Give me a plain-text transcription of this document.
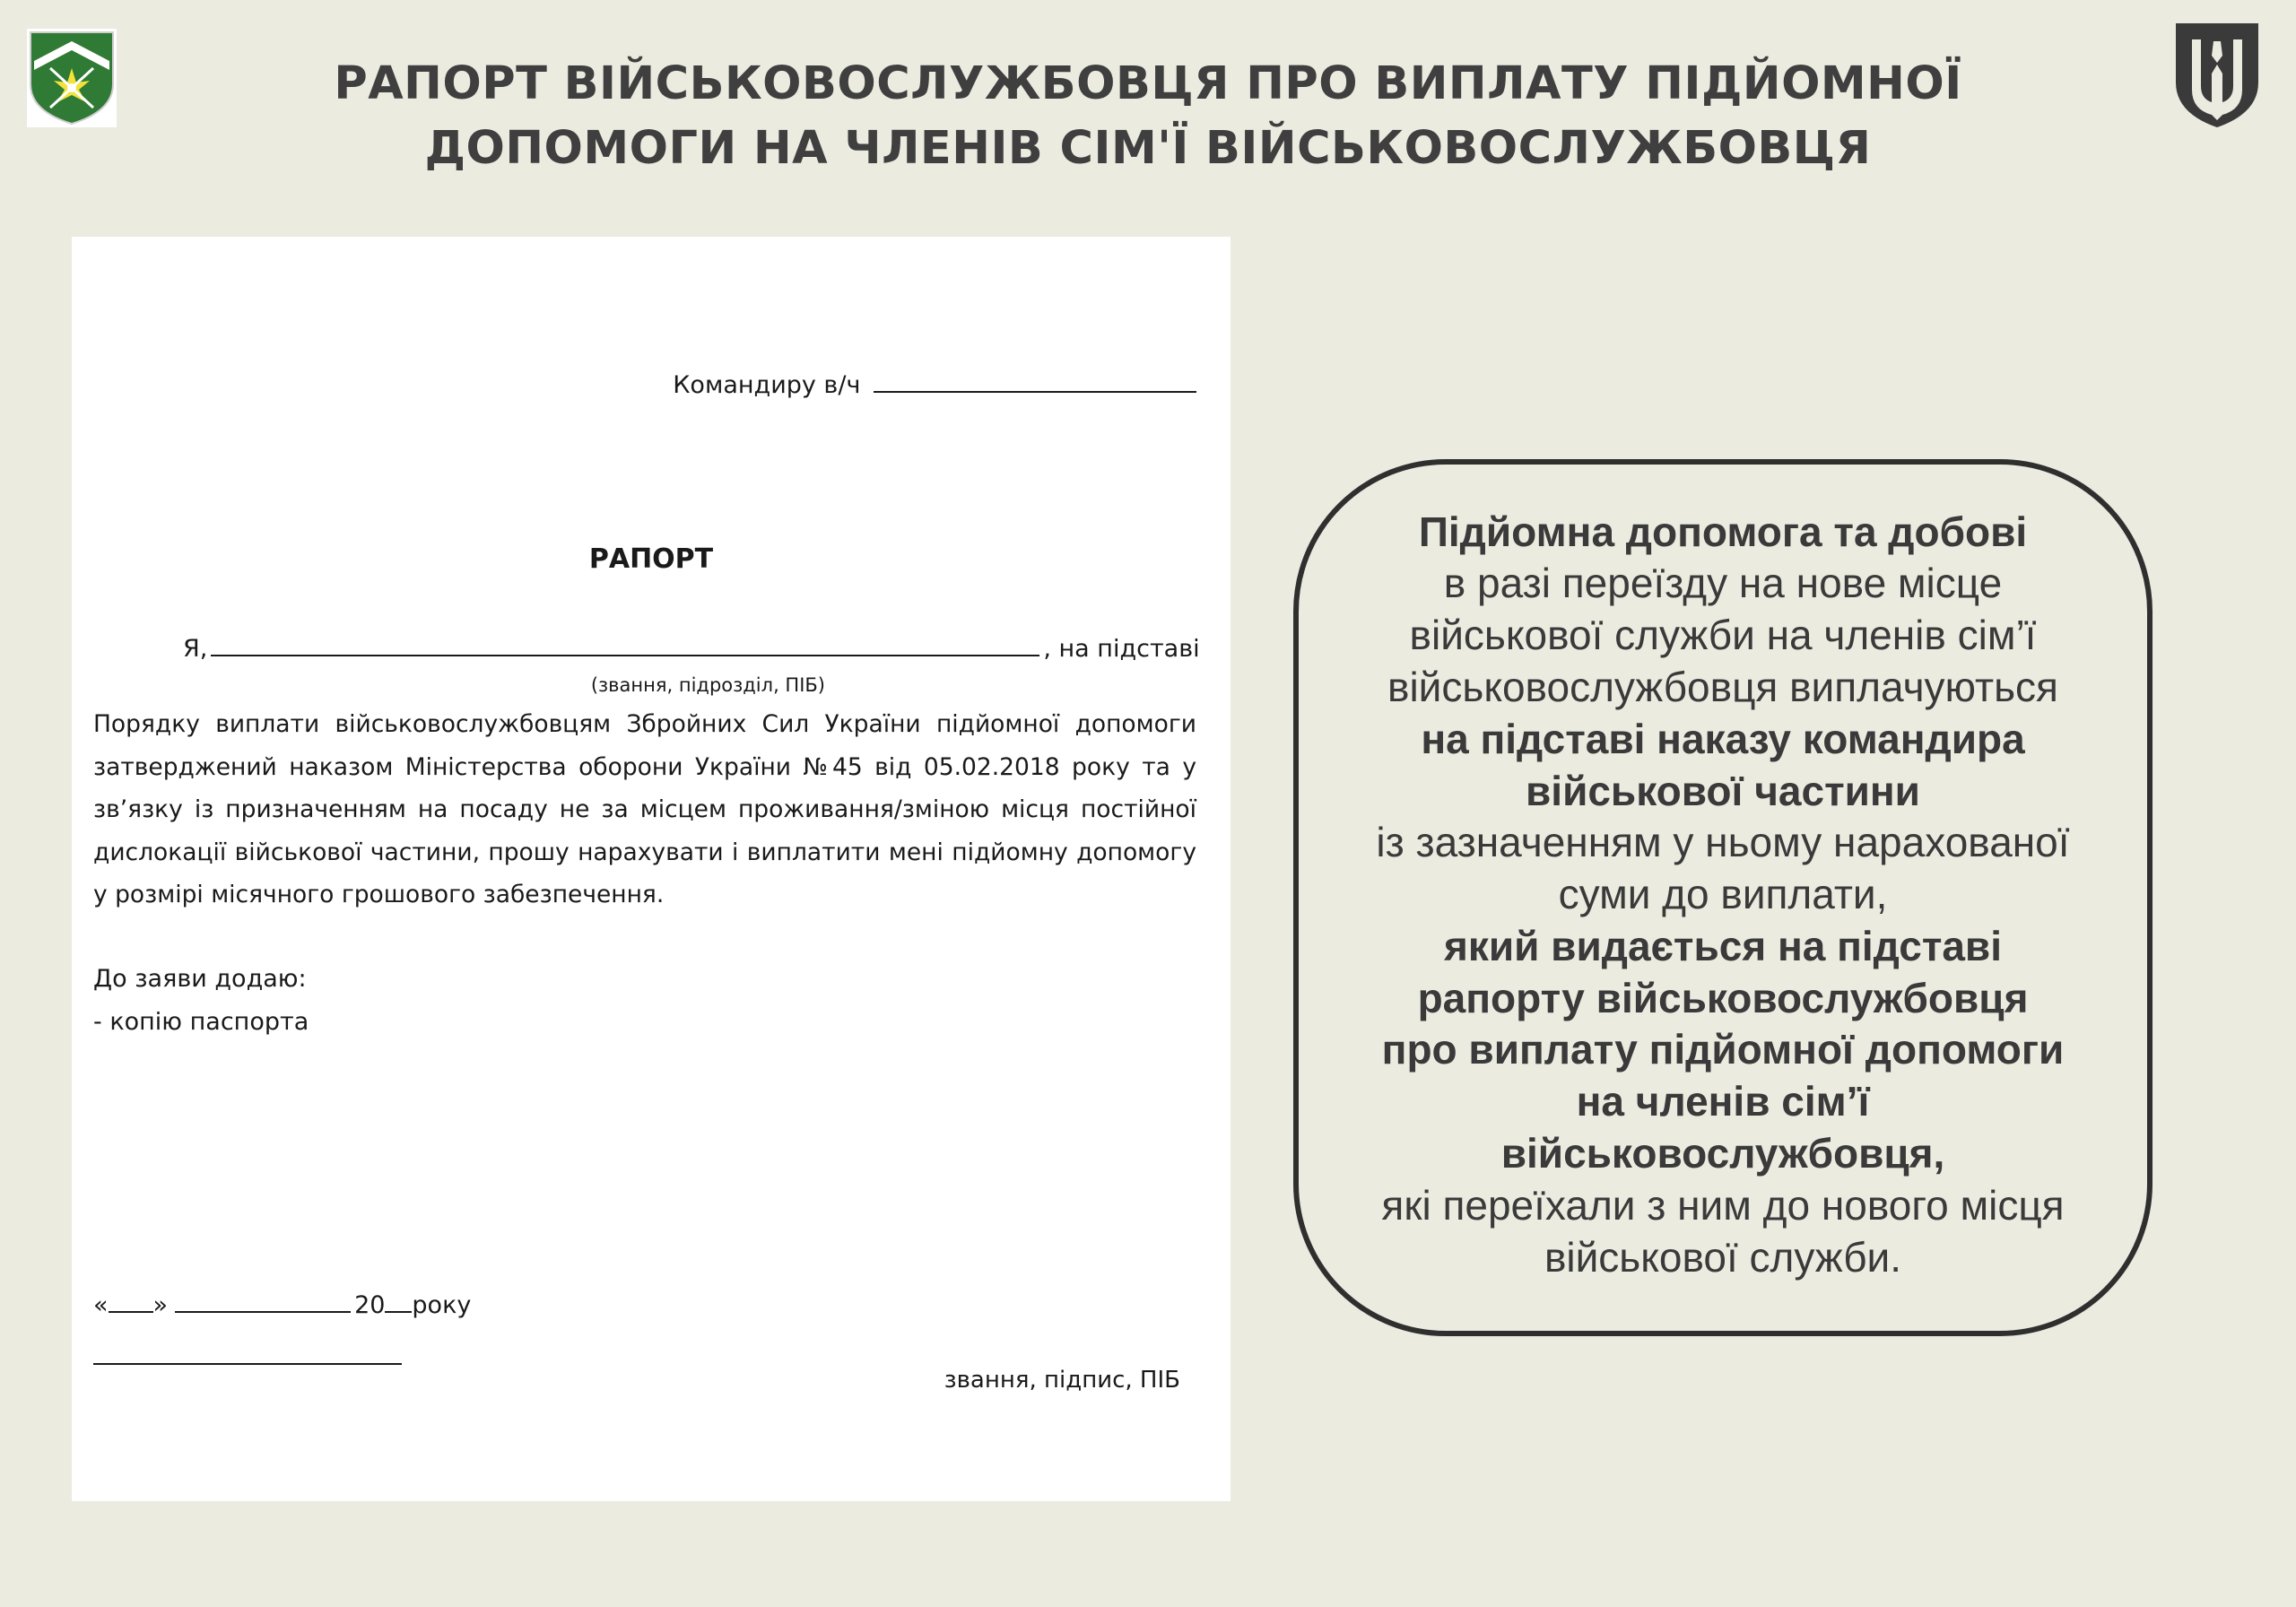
РАПОРТ ВІЙСЬКОВОСЛУЖБОВЦЯ ПРО ВИПЛАТУ ПІДЙОМНОЇ
ДОПОМОГИ НА ЧЛЕНІВ СІМ'Ї ВІЙСЬКОВОСЛУЖБОВЦЯ
Командиру в/ч
РАПОРТ
Я,	, на підставі
(звання, підрозділ, ПІБ)
Порядку виплати військовослужбовцям Збройних Сил України підйомної допомоги затверджений наказом Міністерства оборони України №45 від 05.02.2018 року та у зв’язку із призначенням на посаду не за місцем проживання/зміною місця постійної дислокації військової частини, прошу нарахувати і виплатити мені підйомну допомогу у розмірі місячного грошового забезпечення.
До заяви додаю:
- копію паспорта
« »	20 року
звання, підпис, ПІБ
Підйомна допомога та добові
в разі переїзду на нове місце
військової служби на членів сім’ї
військовослужбовця виплачуються
на підставі наказу командира
військової частини
із зазначенням у ньому нарахованої
суми до виплати,
який видається на підставі
рапорту військовослужбовця
про виплату підйомної допомоги
на членів сім’ї
військовослужбовця,
які переїхали з ним до нового місця
військової служби.
